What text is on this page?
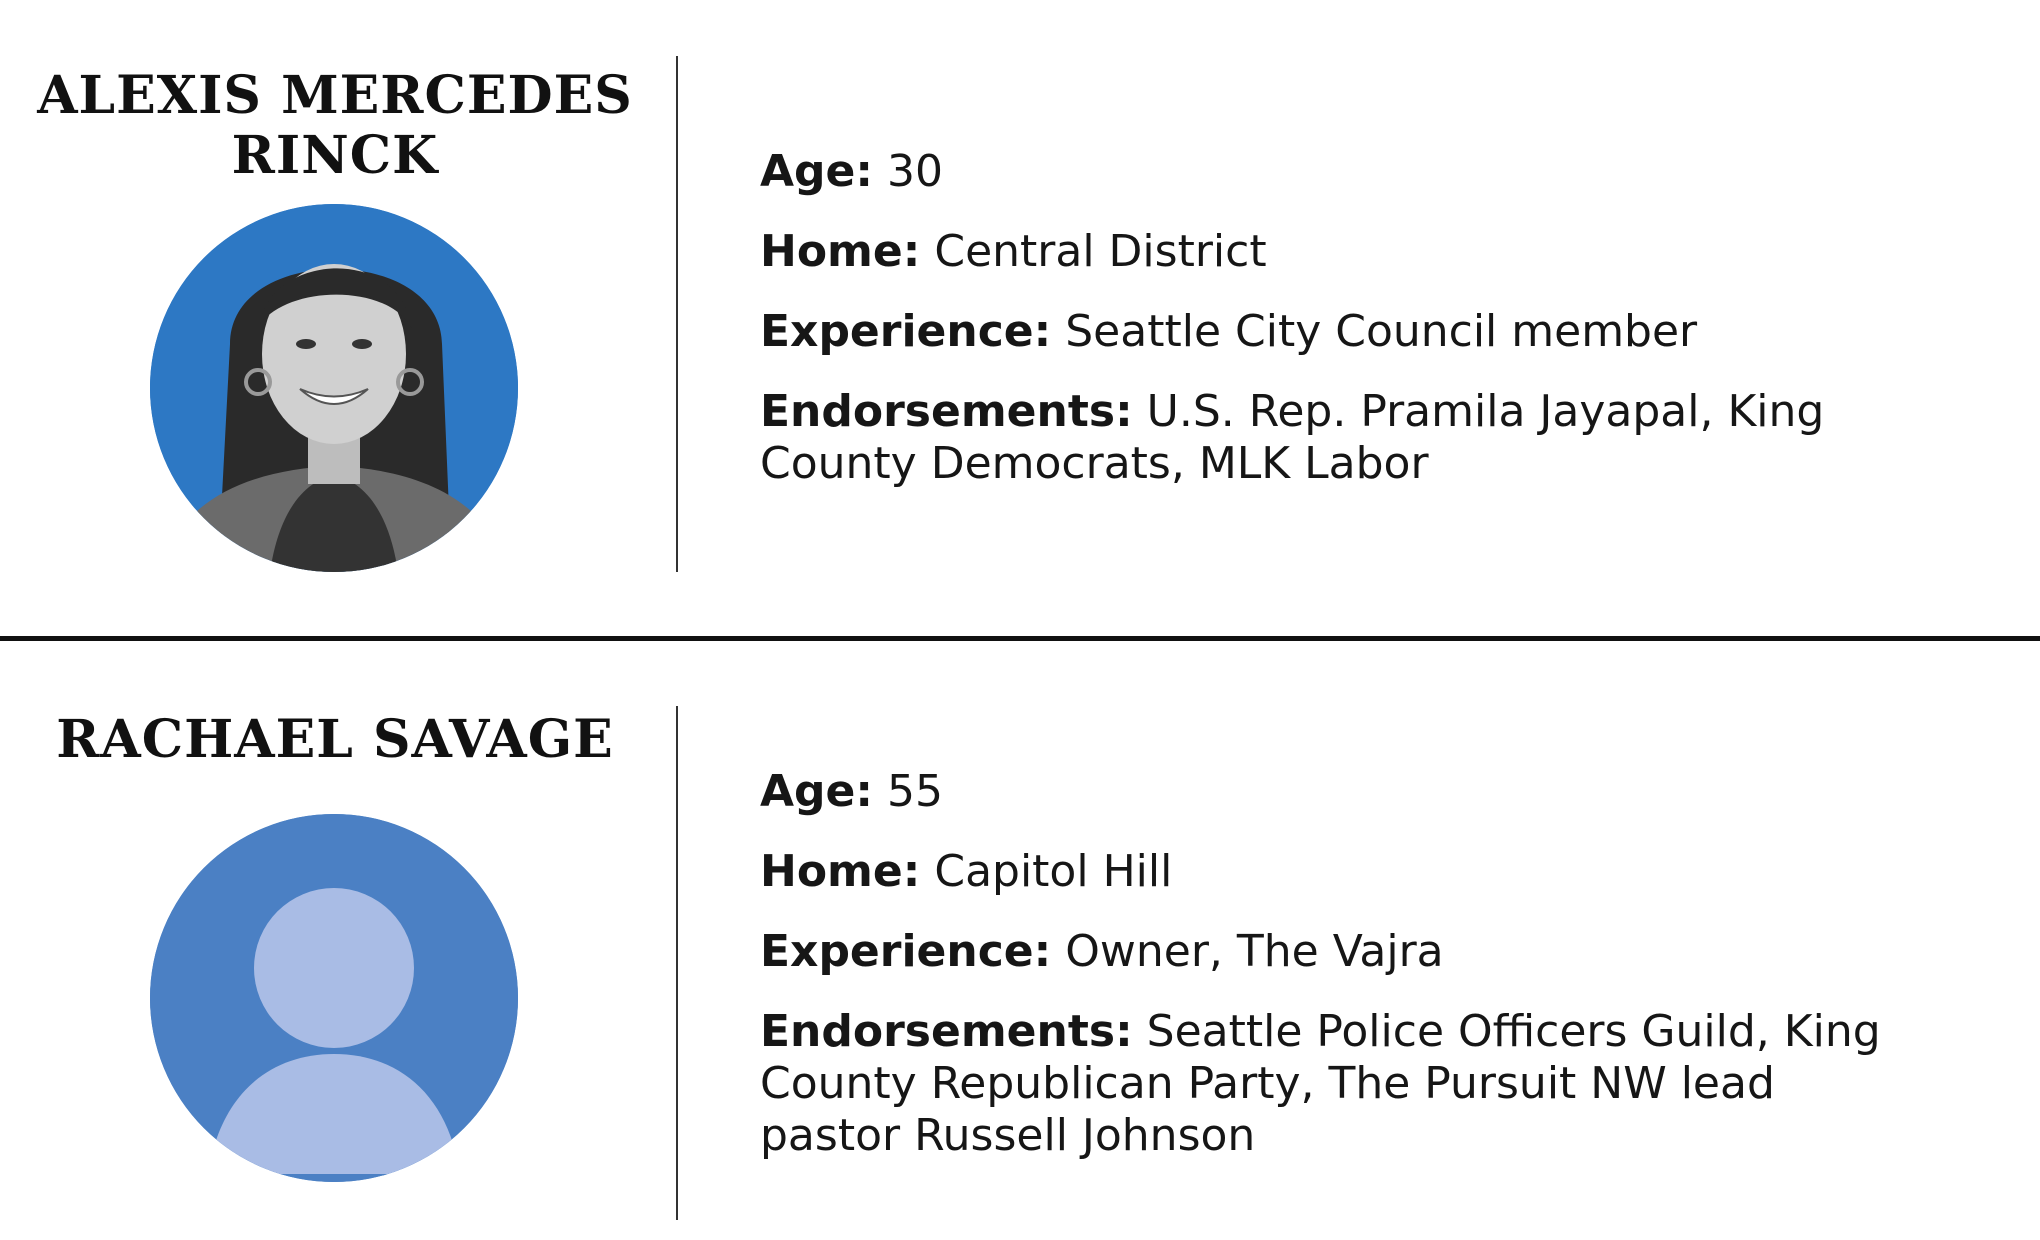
ALEXIS MERCEDES RINCK	Age: 30

Home: Central District

Experience: Seattle City Council member

Endorsements: U.S. Rep. Pramila Jayapal, King County Democrats, MLK Labor

RACHAEL SAVAGE

Age: 55

Home: Capitol Hill

Experience: Owner, The Vajra

Endorsements: Seattle Police Officers Guild, King County Republican Party, The Pursuit NW lead pastor Russell Johnson
